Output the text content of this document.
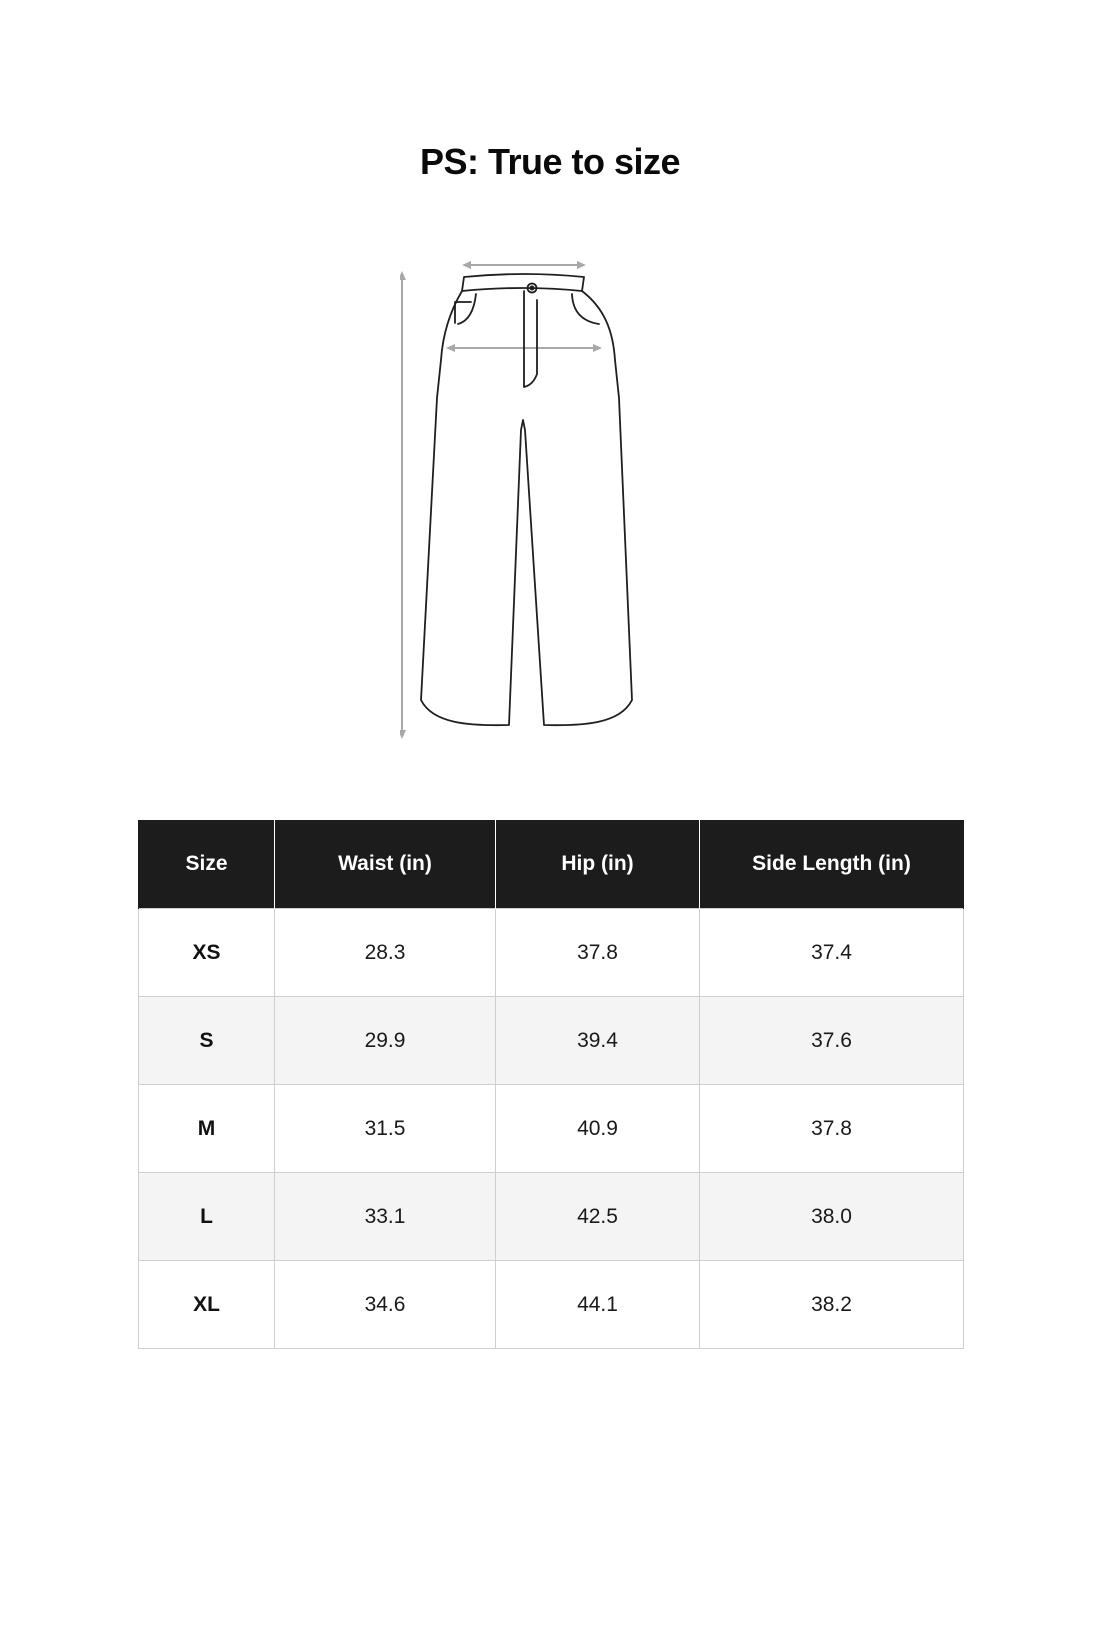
PS: True to size
Size	Waist (in)	Hip (in)	Side Length (in)
XS	28.3	37.8	37.4
S	29.9	39.4	37.6
M	31.5	40.9	37.8
L	33.1	42.5	38.0
XL	34.6	44.1	38.2
